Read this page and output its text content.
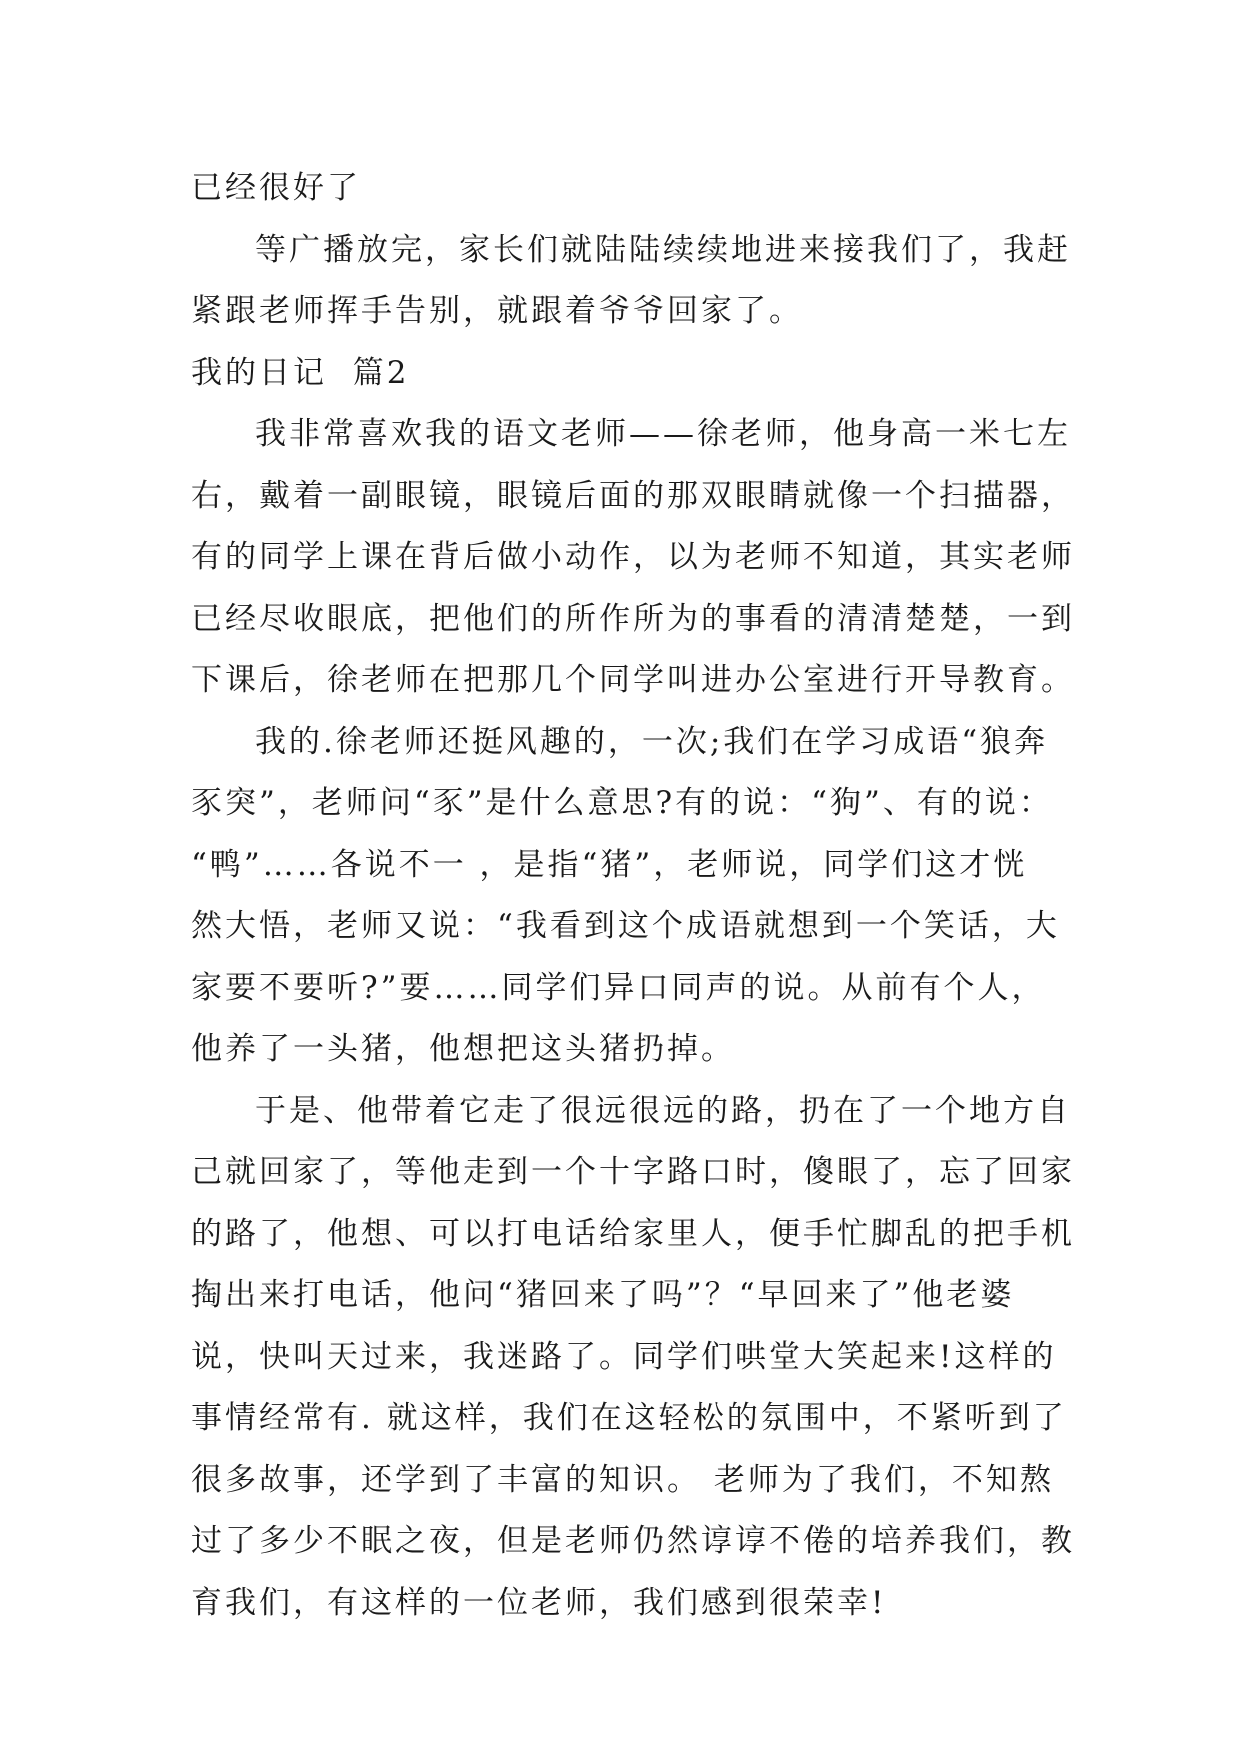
已经很好了
等广播放完，家长们就陆陆续续地进来接我们了，我赶
紧跟老师挥手告别，就跟着爷爷回家了。
我的日记  篇2
我非常喜欢我的语文老师——徐老师，他身高一米七左
右，戴着一副眼镜，眼镜后面的那双眼睛就像一个扫描器，
有的同学上课在背后做小动作，以为老师不知道，其实老师
已经尽收眼底，把他们的所作所为的事看的清清楚楚，一到
下课后，徐老师在把那几个同学叫进办公室进行开导教育。
我的.徐老师还挺风趣的，一次;我们在学习成语“狼奔
豕突”，老师问“豕”是什么意思?有的说：“狗”、有的说：
“鸭”……各说不一 ，是指“猪”，老师说，同学们这才恍
然大悟，老师又说：“我看到这个成语就想到一个笑话，大
家要不要听?”要……同学们异口同声的说。从前有个人，
他养了一头猪，他想把这头猪扔掉。
于是、他带着它走了很远很远的路，扔在了一个地方自
己就回家了，等他走到一个十字路口时，傻眼了，忘了回家
的路了，他想、可以打电话给家里人，便手忙脚乱的把手机
掏出来打电话，他问“猪回来了吗”？“早回来了”他老婆
说，快叫天过来，我迷路了。同学们哄堂大笑起来!这样的
事情经常有. 就这样，我们在这轻松的氛围中，不紧听到了
很多故事，还学到了丰富的知识。 老师为了我们，不知熬
过了多少不眠之夜，但是老师仍然谆谆不倦的培养我们，教
育我们，有这样的一位老师，我们感到很荣幸!
